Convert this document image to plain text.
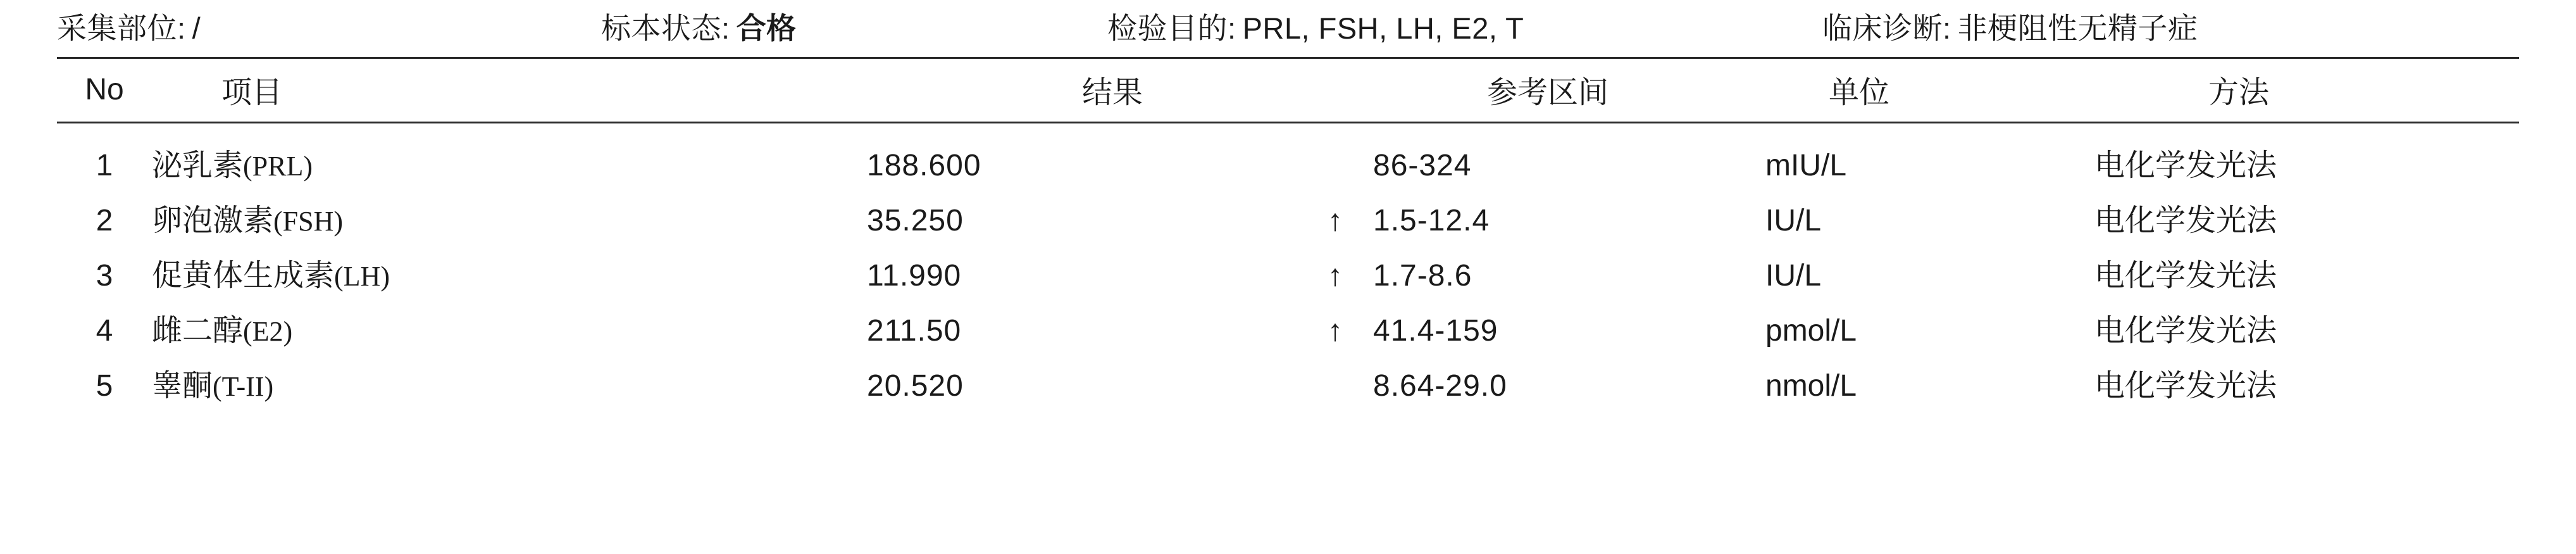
采集部位: /	标本状态: 合格	检验目的: PRL, FSH, LH, E2, T	临床诊断: 非梗阻性无精子症
No	项目	结果		参考区间	单位	方法
1	泌乳素(PRL)	188.600		86-324	mIU/L	电化学发光法
2	卵泡激素(FSH)	35.250	↑	1.5-12.4	IU/L	电化学发光法
3	促黄体生成素(LH)	11.990	↑	1.7-8.6	IU/L	电化学发光法
4	雌二醇(E2)	211.50	↑	41.4-159	pmol/L	电化学发光法
5	睾酮(T-II)	20.520		8.64-29.0	nmol/L	电化学发光法
